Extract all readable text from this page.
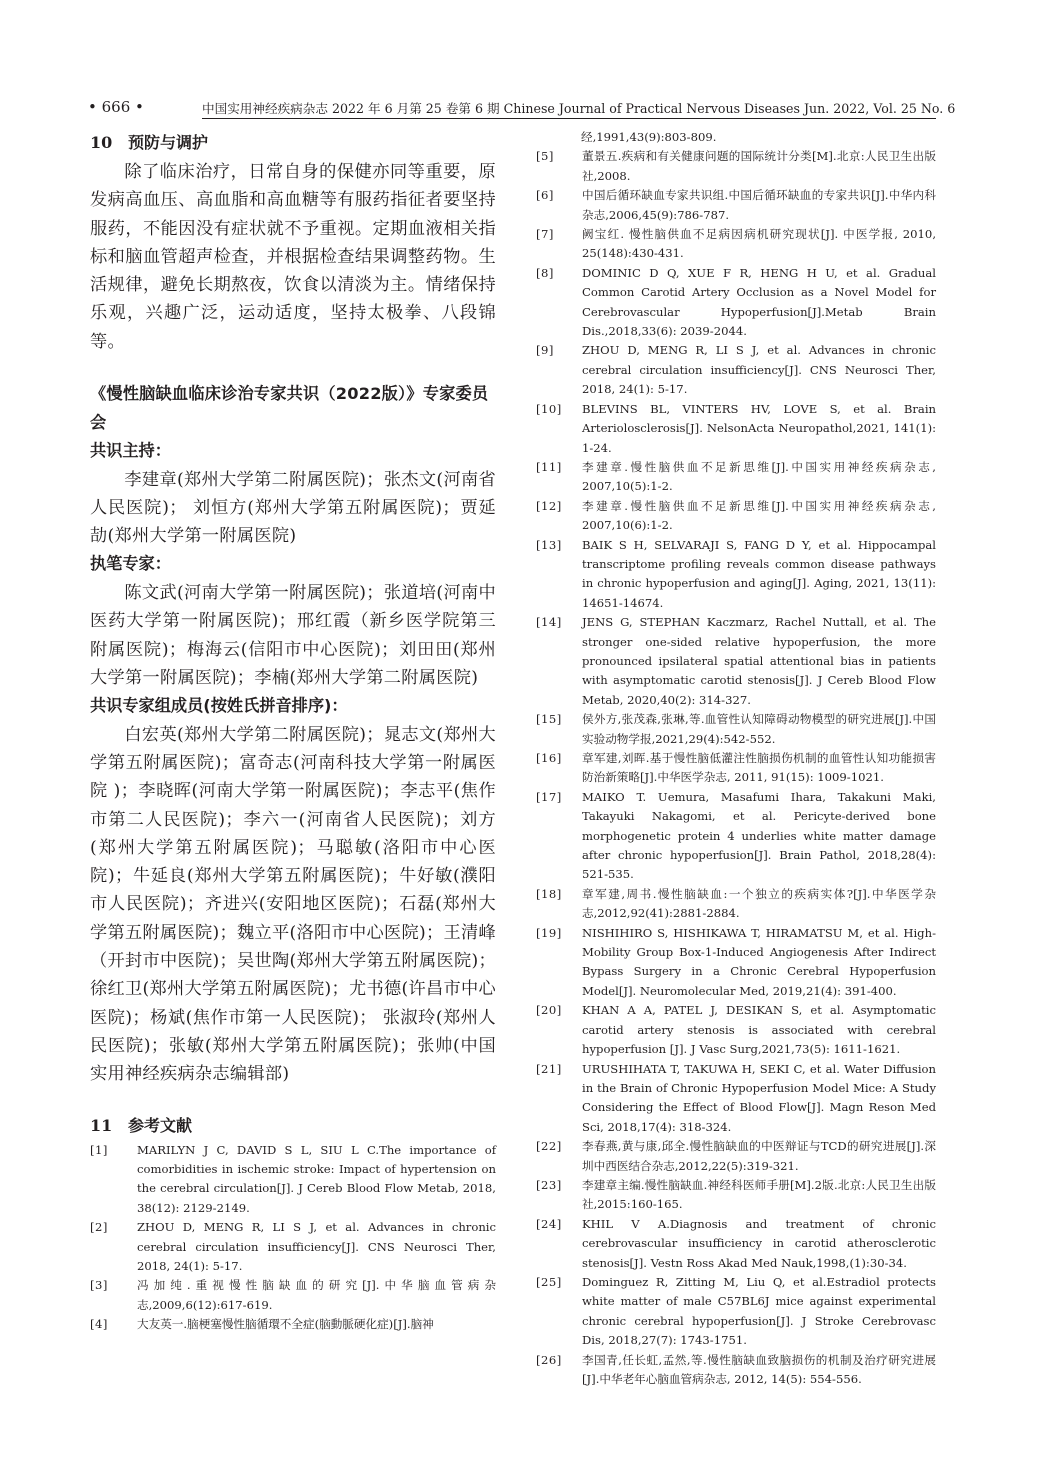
• 666 •	中国实用神经疾病杂志 2022 年 6 月第 25 卷第 6 期 Chinese Journal of Practical Nervous Diseases Jun. 2022, Vol. 25 No. 6
10 预防与调护

除了临床治疗，日常自身的保健亦同等重要，原发病高血压、高血脂和高血糖等有服药指征者要坚持服药，不能因没有症状就不予重视。定期血液相关指标和脑血管超声检查，并根据检查结果调整药物。生活规律，避免长期熬夜，饮食以清淡为主。情绪保持乐观，兴趣广泛，运动适度，坚持太极拳、八段锦等。

《慢性脑缺血临床诊治专家共识（2022版）》专家委员会

共识主持：

李建章(郑州大学第二附属医院)；张杰文(河南省人民医院)； 刘恒方(郑州大学第五附属医院)；贾延劼(郑州大学第一附属医院)

执笔专家：

陈文武(河南大学第一附属医院)；张道培(河南中医药大学第一附属医院)；邢红霞（新乡医学院第三附属医院)；梅海云(信阳市中心医院)；刘田田(郑州大学第一附属医院)；李楠(郑州大学第二附属医院)

共识专家组成员(按姓氏拼音排序)：

白宏英(郑州大学第二附属医院)；晁志文(郑州大学第五附属医院)；富奇志(河南科技大学第一附属医院 )；李晓晖(河南大学第一附属医院)；李志平(焦作市第二人民医院)；李六一(河南省人民医院)；刘方(郑州大学第五附属医院)；马聪敏(洛阳市中心医院)；牛延良(郑州大学第五附属医院)；牛好敏(濮阳市人民医院)；齐进兴(安阳地区医院)；石磊(郑州大学第五附属医院)；魏立平(洛阳市中心医院)；王清峰（开封市中医院)；吴世陶(郑州大学第五附属医院)；徐红卫(郑州大学第五附属医院)；尤书德(许昌市中心医院)；杨斌(焦作市第一人民医院)； 张淑玲(郑州人民医院)；张敏(郑州大学第五附属医院)；张帅(中国实用神经疾病杂志编辑部)

11 参考文献
[1]	MARILYN J C, DAVID S L, SIU L C.The importance of comorbidities in ischemic stroke: Impact of hypertension on the cerebral circulation[J]. J Cereb Blood Flow Metab, 2018, 38(12): 2129-2149.
[2]	ZHOU D, MENG R, LI S J, et al. Advances in chronic cerebral circulation insufficiency[J]. CNS Neurosci Ther, 2018, 24(1): 5-17.
[3]	冯加纯.重视慢性脑缺血的研究[J].中华脑血管病杂志,2009,6(12):617-619.
[4]	大友英一.脑梗塞慢性脑循環不全症(脑動脈硬化症)[J].脑神
经,1991,43(9):803-809.
[5] 董景五.疾病和有关健康问题的国际统计分类[M].北京:人民卫生出版社,2008.
[6] 中国后循环缺血专家共识组.中国后循环缺血的专家共识[J].中华内科杂志,2006,45(9):786-787.
[7] 阙宝红. 慢性脑供血不足病因病机研究现状[J]. 中医学报, 2010, 25(148):430-431.
[8] DOMINIC D Q, XUE F R, HENG H U, et al. Gradual Common Carotid Artery Occlusion as a Novel Model for Cerebrovascular Hypoperfusion[J].Metab Brain Dis.,2018,33(6): 2039-2044.
[9] ZHOU D, MENG R, LI S J, et al. Advances in chronic cerebral circulation insufficiency[J]. CNS Neurosci Ther, 2018, 24(1): 5-17.
[10] BLEVINS BL, VINTERS HV, LOVE S, et al. Brain Arteriolosclerosis[J]. NelsonActa Neuropathol,2021, 141(1): 1-24.
[11] 李建章.慢性脑供血不足新思维[J].中国实用神经疾病杂志, 2007,10(5):1-2.
[12] 李建章.慢性脑供血不足新思维[J].中国实用神经疾病杂志, 2007,10(6):1-2.
[13] BAIK S H, SELVARAJI S, FANG D Y, et al. Hippocampal transcriptome profiling reveals common disease pathways in chronic hypoperfusion and aging[J]. Aging, 2021, 13(11): 14651-14674.
[14] JENS G, STEPHAN Kaczmarz, Rachel Nuttall, et al. The stronger one-sided relative hypoperfusion, the more pronounced ipsilateral spatial attentional bias in patients with asymptomatic carotid stenosis[J]. J Cereb Blood Flow Metab, 2020,40(2): 314-327.
[15] 侯外方,张茂森,张琳,等.血管性认知障碍动物模型的研究进展[J].中国实验动物学报,2021,29(4):542-552.
[16] 章军建,刘晖.基于慢性脑低灌注性脑损伤机制的血管性认知功能损害防治新策略[J].中华医学杂志, 2011, 91(15): 1009-1021.
[17] MAIKO T. Uemura, Masafumi Ihara, Takakuni Maki, Takayuki Nakagomi, et al. Pericyte-derived bone morphogenetic protein 4 underlies white matter damage after chronic hypoperfusion[J]. Brain Pathol, 2018,28(4): 521-535.
[18] 章军建,周书.慢性脑缺血:一个独立的疾病实体?[J].中华医学杂志,2012,92(41):2881-2884.
[19] NISHIHIRO S, HISHIKAWA T, HIRAMATSU M, et al. High-Mobility Group Box-1-Induced Angiogenesis After Indirect Bypass Surgery in a Chronic Cerebral Hypoperfusion Model[J]. Neuromolecular Med, 2019,21(4): 391-400.
[20] KHAN A A, PATEL J, DESIKAN S, et al. Asymptomatic carotid artery stenosis is associated with cerebral hypoperfusion [J]. J Vasc Surg,2021,73(5): 1611-1621.
[21] URUSHIHATA T, TAKUWA H, SEKI C, et al. Water Diffusion in the Brain of Chronic Hypoperfusion Model Mice: A Study Considering the Effect of Blood Flow[J]. Magn Reson Med Sci, 2018,17(4): 318-324.
[22] 李春燕,黄与康,邱全.慢性脑缺血的中医辩证与TCD的研究进展[J].深圳中西医结合杂志,2012,22(5):319-321.
[23] 李建章主编.慢性脑缺血.神经科医师手册[M].2版.北京:人民卫生出版社,2015:160-165.
[24] KHIL V A.Diagnosis and treatment of chronic cerebrovascular insufficiency in carotid atherosclerotic stenosis[J]. Vestn Ross Akad Med Nauk,1998,(1):30-34.
[25] Dominguez R, Zitting M, Liu Q, et al.Estradiol protects white matter of male C57BL6J mice against experimental chronic cerebral hypoperfusion[J]. J Stroke Cerebrovasc Dis, 2018,27(7): 1743-1751.
[26] 李国青,任长虹,孟然,等.慢性脑缺血致脑损伤的机制及治疗研究进展[J].中华老年心脑血管病杂志, 2012, 14(5): 554-556.
